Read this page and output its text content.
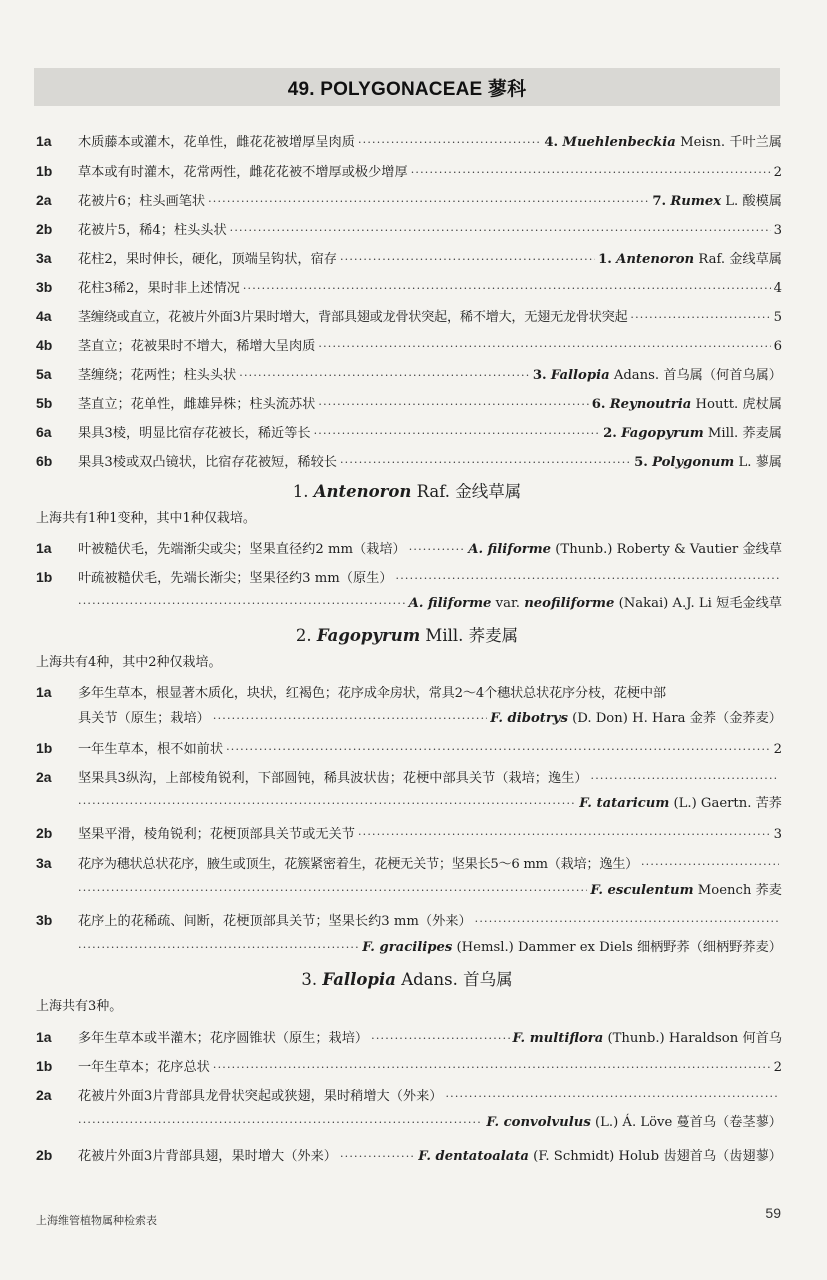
49. POLYGONACEAE 蓼科
1a	木质藤本或灌木，花单性，雌花花被增厚呈肉质 ·····	4. Muehlenbeckia Meisn. 千叶兰属
1b	草本或有时灌木，花常两性，雌花花被不增厚或极少增厚 ·····	2
2a	花被片6；柱头画笔状 ·····	7. Rumex L. 酸模属
2b	花被片5，稀4；柱头头状 ·····	3
3a	花柱2，果时伸长，硬化，顶端呈钩状，宿存 ·····	1. Antenoron Raf. 金线草属
3b	花柱3稀2，果时非上述情况 ·····	4
4a	茎缠绕或直立，花被片外面3片果时增大，背部具翅或龙骨状突起，稀不增大，无翅无龙骨状突起 ·····	5
4b	茎直立；花被果时不增大，稀增大呈肉质 ·····	6
5a	茎缠绕；花两性；柱头头状 ·····	3. Fallopia Adans. 首乌属（何首乌属）
5b	茎直立；花单性，雌雄异株；柱头流苏状 ·····	6. Reynoutria Houtt. 虎杖属
6a	果具3棱，明显比宿存花被长，稀近等长 ·····	2. Fagopyrum Mill. 荞麦属
6b	果具3棱或双凸镜状，比宿存花被短，稀较长 ·····	5. Polygonum L. 蓼属
1. Antenoron Raf. 金线草属
上海共有1种1变种，其中1种仅栽培。
1a	叶被糙伏毛，先端渐尖或尖；坚果直径约2 mm（栽培） ·····	A. filiforme (Thunb.) Roberty & Vautier 金线草
1b	叶疏被糙伏毛，先端长渐尖；坚果径约3 mm（原生）
·····
·····
A. filiforme var. neofiliforme (Nakai) A.J. Li 短毛金线草
2. Fagopyrum Mill. 荞麦属
上海共有4种，其中2种仅栽培。
1a	多年生草本，根显著木质化，块状，红褐色；花序成伞房状，常具2～4个穗状总状花序分枝，花梗中部
具关节（原生；栽培） ·····	F. dibotrys (D. Don) H. Hara 金荞（金荞麦）
1b	一年生草本，根不如前状 ·····	2
2a	坚果具3纵沟，上部棱角锐利，下部圆钝，稀具波状齿；花梗中部具关节（栽培；逸生）
·····
·····
F. tataricum (L.) Gaertn. 苦荞
2b	坚果平滑，棱角锐利；花梗顶部具关节或无关节 ·····	3
3a	花序为穗状总状花序，腋生或顶生，花簇紧密着生，花梗无关节；坚果长5～6 mm（栽培；逸生）
·····
·····
F. esculentum Moench 荞麦
3b	花序上的花稀疏、间断，花梗顶部具关节；坚果长约3 mm（外来）
·····
·····
F. gracilipes (Hemsl.) Dammer ex Diels 细柄野荞（细柄野荞麦）
3. Fallopia Adans. 首乌属
上海共有3种。
1a	多年生草本或半灌木；花序圆锥状（原生；栽培） ·····	F. multiflora (Thunb.) Haraldson 何首乌
1b	一年生草本；花序总状 ·····	2
2a	花被片外面3片背部具龙骨状突起或狭翅，果时稍增大（外来）
·····
·····
F. convolvulus (L.) Á. Löve 蔓首乌（卷茎蓼）
2b	花被片外面3片背部具翅，果时增大（外来） ·····	F. dentatoalata (F. Schmidt) Holub 齿翅首乌（齿翅蓼）
上海维管植物属种检索表	59
